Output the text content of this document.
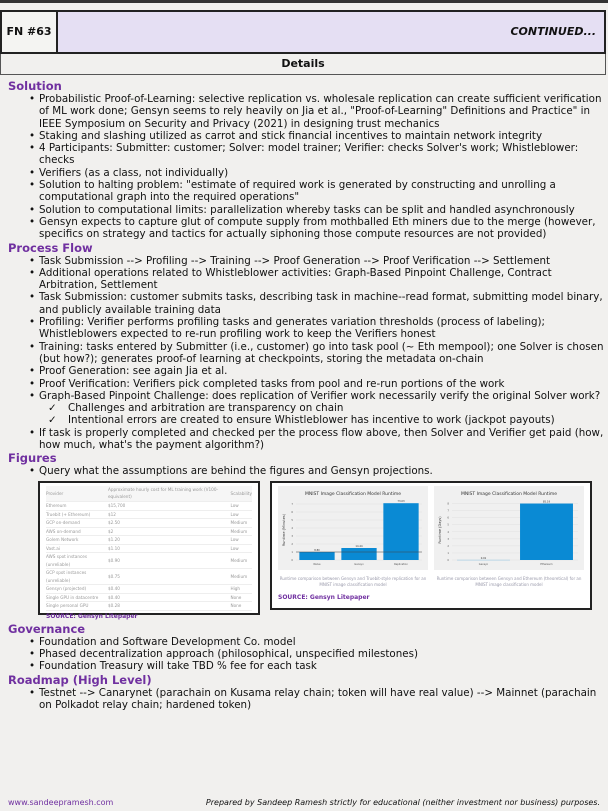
FN #63	CONTINUED...
Details
Solution
• Probabilistic Proof-of-Learning: selective replication vs. wholesale replication can create sufficient verification of ML work done; Gensyn seems to rely heavily on Jia et al., "Proof-of-Learning" Definitions and Practice" in IEEE Symposium on Security and Privacy (2021) in designing trust mechanics
• Staking and slashing utilized as carrot and stick financial incentives to maintain network integrity
• 4 Participants: Submitter: customer; Solver: model trainer; Verifier: checks Solver's work; Whistleblower: checks
• Verifiers (as a class, not individually)
• Solution to halting problem: "estimate of required work is generated by constructing and unrolling a computational graph into the required operations"
• Solution to computational limits: parallelization whereby tasks can be split and handled asynchronously
• Gensyn expects to capture glut of compute supply from mothballed Eth miners due to the merge (however, specifics on strategy and tactics for actually siphoning those compute resources are not provided)
Process Flow
• Task Submission --> Profiling --> Training --> Proof Generation --> Proof Verification --> Settlement
• Additional operations related to Whistleblower activities: Graph-Based Pinpoint Challenge, Contract Arbitration, Settlement
• Task Submission: customer submits tasks, describing task in machine--read format, submitting model binary, and publicly available training data
• Profiling: Verifier performs profiling tasks and generates variation thresholds (process of labeling); Whistleblowers expected to re-run profiling work to keep the Verifiers honest
• Training: tasks entered by Submitter (i.e., customer) go into task pool (~ Eth mempool); one Solver is chosen (but how?); generates proof-of learning at checkpoints, storing the metadata on-chain
• Proof Generation: see again Jia et al.
• Proof Verification: Verifiers pick completed tasks from pool and re-run portions of the work
• Graph-Based Pinpoint Challenge: does replication of Verifier work necessarily verify the original Solver work?
✓ Challenges and arbitration are transparency on chain
✓ Intentional errors are created to ensure Whistleblower has incentive to work (jackpot payouts)
• If task is properly completed and checked per the process flow above, then Solver and Verifier get paid (how, how much, what's the payment algorithm?)
Figures
• Query what the assumptions are behind the figures and Gensyn projections.
Provider	Approximate hourly cost for ML training work (V100-equivalent)	Scalability
Ethereum	$15,700	Low
Truebit (+ Ethereum)	$12	Low
GCP on-demand	$2.50	Medium
AWS on-demand	$2	Medium
Golem Network	$1.20	Low
Vast.ai	$1.10	Low
AWS spot instances (unreliable)	$0.90	Medium
GCP spot instances (unreliable)	$0.75	Medium
Gensyn (projected)	$0.40	High
Single GPU in datacentre	$0.40	None
Single personal GPU	$0.28	None
SOURCE: Gensyn Litepaper
MNIST Image Classification Model Runtime
Runtime (Minutes)
0
1
2
3
4
5
6
7
8.80
Naive
14.44
Gensyn
73.03
Replication
MNIST Image Classification Model Runtime
Runtime (Days)
0
1
2
3
4
5
6
7
8
0.01
Gensyn
85.19
Ethereum
Runtime comparison between Gensyn and Truebit-style replication for an MNIST image classification model
Runtime comparison between Gensyn and Ethereum (theoretical) for an MNIST image classification model
SOURCE: Gensyn Litepaper
Governance
• Foundation and Software Development Co. model
• Phased decentralization approach (philosophical, unspecified milestones)
• Foundation Treasury will take TBD % fee for each task
Roadmap (High Level)
• Testnet --> Canarynet (parachain on Kusama relay chain; token will have real value) --> Mainnet (parachain on Polkadot relay chain; hardened token)
www.sandeepramesh.com	Prepared by Sandeep Ramesh strictly for educational (neither investment nor business) purposes.
